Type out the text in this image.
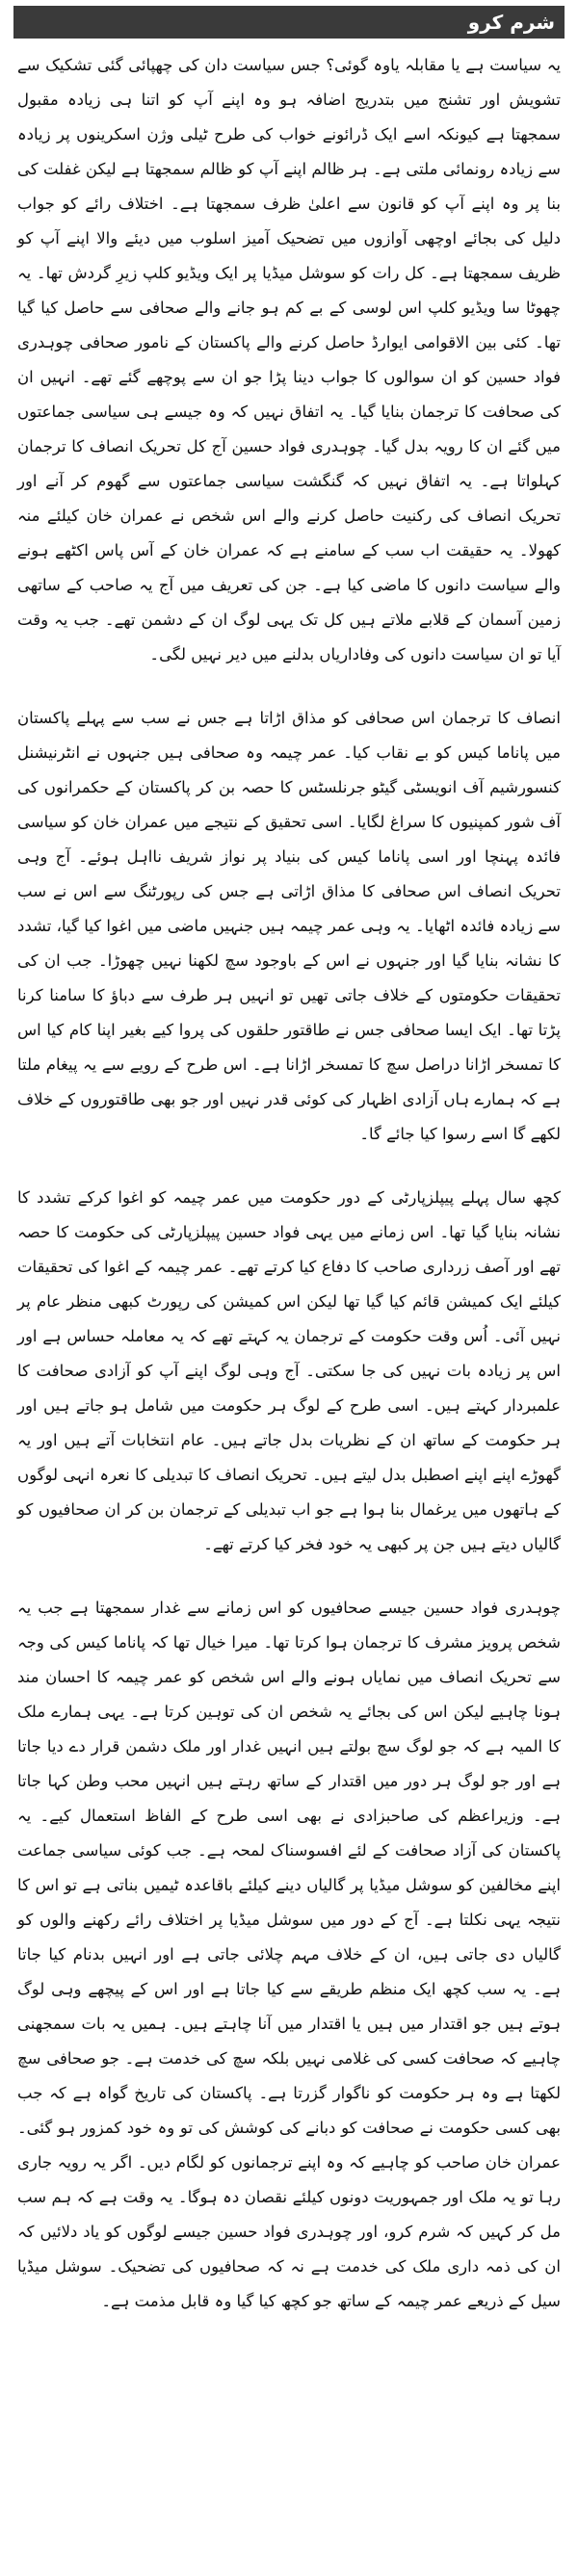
شرم کرو

یہ سیاست ہے یا مقابلہ یاوہ گوئی؟ جس سیاست دان کی چھپائی گئی تشکیک سے تشویش اور تشنج میں بتدریج اضافہ ہو وہ اپنے آپ کو اتنا ہی زیادہ مقبول سمجھتا ہے کیونکہ اسے ایک ڈرائونے خواب کی طرح ٹیلی وژن اسکرینوں پر زیادہ سے زیادہ رونمائی ملتی ہے۔ ہر ظالم اپنے آپ کو ظالم سمجھتا ہے لیکن غفلت کی بنا پر وہ اپنے آپ کو قانون سے اعلیٰ ظرف سمجھتا ہے۔ اختلاف رائے کو جواب دلیل کی بجائے اوچھی آوازوں میں تضحیک آمیز اسلوب میں دیئے والا اپنے آپ کو ظریف سمجھتا ہے۔ کل رات کو سوشل میڈیا پر ایک ویڈیو کلپ زیرِ گردش تھا۔ یہ چھوٹا سا ویڈیو کلپ اس لوسی کے بے کم ہو جانے والے صحافی سے حاصل کیا گیا تھا۔ کئی بین الاقوامی ایوارڈ حاصل کرنے والے پاکستان کے نامور صحافی چوہدری فواد حسین کو ان سوالوں کا جواب دینا پڑا جو ان سے پوچھے گئے تھے۔ انہیں ان کی صحافت کا ترجمان بنایا گیا۔ یہ اتفاق نہیں کہ وہ جیسے ہی سیاسی جماعتوں میں گئے ان کا رویہ بدل گیا۔ چوہدری فواد حسین آج کل تحریک انصاف کا ترجمان کہلواتا ہے۔ یہ اتفاق نہیں کہ گنگشت سیاسی جماعتوں سے گھوم کر آنے اور تحریک انصاف کی رکنیت حاصل کرنے والے اس شخص نے عمران خان کیلئے منہ کھولا۔ یہ حقیقت اب سب کے سامنے ہے کہ عمران خان کے آس پاس اکٹھے ہونے والے سیاست دانوں کا ماضی کیا ہے۔ جن کی تعریف میں آج یہ صاحب کے ساتھی زمین آسمان کے قلابے ملاتے ہیں کل تک یہی لوگ ان کے دشمن تھے۔ جب یہ وقت آیا تو ان سیاست دانوں کی وفاداریاں بدلنے میں دیر نہیں لگی۔

انصاف کا ترجمان اس صحافی کو مذاق اڑاتا ہے جس نے سب سے پہلے پاکستان میں پاناما کیس کو بے نقاب کیا۔ عمر چیمہ وہ صحافی ہیں جنہوں نے انٹرنیشنل کنسورشیم آف انویسٹی گیٹو جرنلسٹس کا حصہ بن کر پاکستان کے حکمرانوں کی آف شور کمپنیوں کا سراغ لگایا۔ اسی تحقیق کے نتیجے میں عمران خان کو سیاسی فائدہ پہنچا اور اسی پاناما کیس کی بنیاد پر نواز شریف نااہل ہوئے۔ آج وہی تحریک انصاف اس صحافی کا مذاق اڑاتی ہے جس کی رپورٹنگ سے اس نے سب سے زیادہ فائدہ اٹھایا۔ یہ وہی عمر چیمہ ہیں جنہیں ماضی میں اغوا کیا گیا، تشدد کا نشانہ بنایا گیا اور جنہوں نے اس کے باوجود سچ لکھنا نہیں چھوڑا۔ جب ان کی تحقیقات حکومتوں کے خلاف جاتی تھیں تو انہیں ہر طرف سے دباؤ کا سامنا کرنا پڑتا تھا۔ ایک ایسا صحافی جس نے طاقتور حلقوں کی پروا کیے بغیر اپنا کام کیا اس کا تمسخر اڑانا دراصل سچ کا تمسخر اڑانا ہے۔ اس طرح کے رویے سے یہ پیغام ملتا ہے کہ ہمارے ہاں آزادی اظہار کی کوئی قدر نہیں اور جو بھی طاقتوروں کے خلاف لکھے گا اسے رسوا کیا جائے گا۔

کچھ سال پہلے پیپلزپارٹی کے دور حکومت میں عمر چیمہ کو اغوا کرکے تشدد کا نشانہ بنایا گیا تھا۔ اس زمانے میں یہی فواد حسین پیپلزپارٹی کی حکومت کا حصہ تھے اور آصف زرداری صاحب کا دفاع کیا کرتے تھے۔ عمر چیمہ کے اغوا کی تحقیقات کیلئے ایک کمیشن قائم کیا گیا تھا لیکن اس کمیشن کی رپورٹ کبھی منظر عام پر نہیں آئی۔ اُس وقت حکومت کے ترجمان یہ کہتے تھے کہ یہ معاملہ حساس ہے اور اس پر زیادہ بات نہیں کی جا سکتی۔ آج وہی لوگ اپنے آپ کو آزادی صحافت کا علمبردار کہتے ہیں۔ اسی طرح کے لوگ ہر حکومت میں شامل ہو جاتے ہیں اور ہر حکومت کے ساتھ ان کے نظریات بدل جاتے ہیں۔ عام انتخابات آتے ہیں اور یہ گھوڑے اپنے اپنے اصطبل بدل لیتے ہیں۔ تحریک انصاف کا تبدیلی کا نعرہ انہی لوگوں کے ہاتھوں میں یرغمال بنا ہوا ہے جو اب تبدیلی کے ترجمان بن کر ان صحافیوں کو گالیاں دیتے ہیں جن پر کبھی یہ خود فخر کیا کرتے تھے۔

چوہدری فواد حسین جیسے صحافیوں کو اس زمانے سے غدار سمجھتا ہے جب یہ شخص پرویز مشرف کا ترجمان ہوا کرتا تھا۔ میرا خیال تھا کہ پاناما کیس کی وجہ سے تحریک انصاف میں نمایاں ہونے والے اس شخص کو عمر چیمہ کا احسان مند ہونا چاہیے لیکن اس کی بجائے یہ شخص ان کی توہین کرتا ہے۔ یہی ہمارے ملک کا المیہ ہے کہ جو لوگ سچ بولتے ہیں انہیں غدار اور ملک دشمن قرار دے دیا جاتا ہے اور جو لوگ ہر دور میں اقتدار کے ساتھ رہتے ہیں انہیں محب وطن کہا جاتا ہے۔ وزیراعظم کی صاحبزادی نے بھی اسی طرح کے الفاظ استعمال کیے۔ یہ پاکستان کی آزاد صحافت کے لئے افسوسناک لمحہ ہے۔ جب کوئی سیاسی جماعت اپنے مخالفین کو سوشل میڈیا پر گالیاں دینے کیلئے باقاعدہ ٹیمیں بناتی ہے تو اس کا نتیجہ یہی نکلتا ہے۔ آج کے دور میں سوشل میڈیا پر اختلاف رائے رکھنے والوں کو گالیاں دی جاتی ہیں، ان کے خلاف مہم چلائی جاتی ہے اور انہیں بدنام کیا جاتا ہے۔ یہ سب کچھ ایک منظم طریقے سے کیا جاتا ہے اور اس کے پیچھے وہی لوگ ہوتے ہیں جو اقتدار میں ہیں یا اقتدار میں آنا چاہتے ہیں۔ ہمیں یہ بات سمجھنی چاہیے کہ صحافت کسی کی غلامی نہیں بلکہ سچ کی خدمت ہے۔ جو صحافی سچ لکھتا ہے وہ ہر حکومت کو ناگوار گزرتا ہے۔ پاکستان کی تاریخ گواہ ہے کہ جب بھی کسی حکومت نے صحافت کو دبانے کی کوشش کی تو وہ خود کمزور ہو گئی۔ عمران خان صاحب کو چاہیے کہ وہ اپنے ترجمانوں کو لگام دیں۔ اگر یہ رویہ جاری رہا تو یہ ملک اور جمہوریت دونوں کیلئے نقصان دہ ہوگا۔ یہ وقت ہے کہ ہم سب مل کر کہیں کہ شرم کرو، اور چوہدری فواد حسین جیسے لوگوں کو یاد دلائیں کہ ان کی ذمہ داری ملک کی خدمت ہے نہ کہ صحافیوں کی تضحیک۔ سوشل میڈیا سیل کے ذریعے عمر چیمہ کے ساتھ جو کچھ کیا گیا وہ قابل مذمت ہے۔
